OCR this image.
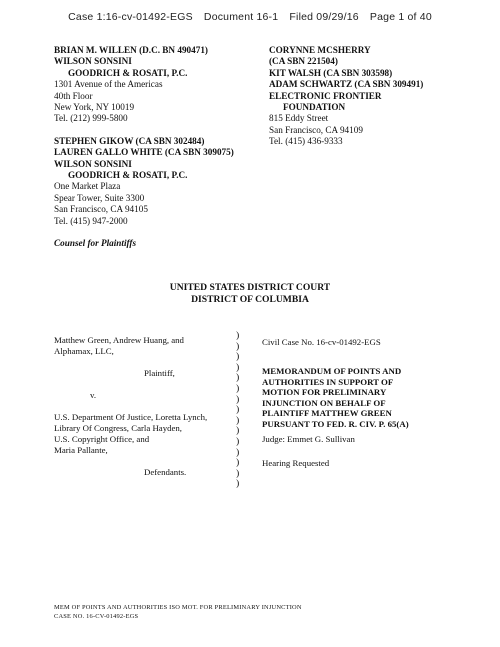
Case 1:16-cv-01492-EGS Document 16-1 Filed 09/29/16 Page 1 of 40
BRIAN M. WILLEN (D.C. BN 490471)
WILSON SONSINI
GOODRICH & ROSATI, P.C.
1301 Avenue of the Americas
40th Floor
New York, NY 10019
Tel. (212) 999-5800
STEPHEN GIKOW (CA SBN 302484)
LAUREN GALLO WHITE (CA SBN 309075)
WILSON SONSINI
GOODRICH & ROSATI, P.C.
One Market Plaza
Spear Tower, Suite 3300
San Francisco, CA 94105
Tel. (415) 947-2000
Counsel for Plaintiffs
CORYNNE MCSHERRY
(CA SBN 221504)
KIT WALSH (CA SBN 303598)
ADAM SCHWARTZ (CA SBN 309491)
ELECTRONIC FRONTIER
FOUNDATION
815 Eddy Street
San Francisco, CA 94109
Tel. (415) 436-9333
UNITED STATES DISTRICT COURT
DISTRICT OF COLUMBIA
Matthew Green, Andrew Huang, and
Alphamax, LLC,
Plaintiff,
v.
U.S. Department Of Justice, Loretta Lynch,
Library Of Congress, Carla Hayden,
U.S. Copyright Office, and
Maria Pallante,
Defendants.
)
)
)
)
)
)
)
)
)
)
)
)
)
)
)
Civil Case No. 16-cv-01492-EGS
MEMORANDUM OF POINTS AND
AUTHORITIES IN SUPPORT OF
MOTION FOR PRELIMINARY
INJUNCTION ON BEHALF OF
PLAINTIFF MATTHEW GREEN
PURSUANT TO FED. R. CIV. P. 65(A)
Judge: Emmet G. Sullivan
Hearing Requested
MEM OF POINTS AND AUTHORITIES ISO MOT. FOR PRELIMINARY INJUNCTION
CASE NO. 16-CV-01492-EGS
